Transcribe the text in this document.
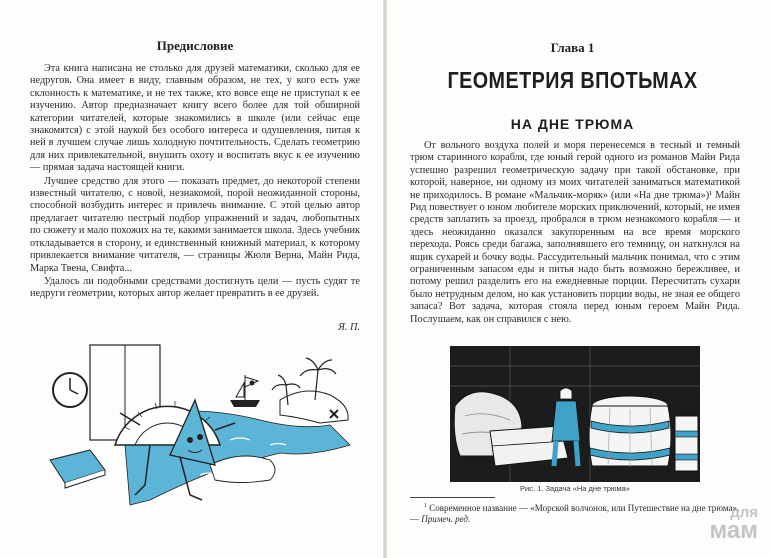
Предисловие

Эта книга написана не столько для друзей математики, сколько для ее недругов. Она имеет в виду, главным образом, не тех, у кого есть уже склонность к математике, и не тех также, кто вовсе еще не приступал к ее изучению. Автор предназначает книгу всего более для той обширной категории читателей, которые знакомились в школе (или сейчас еще знакомятся) с этой наукой без особого интереса и одушевления, питая к ней в лучшем случае лишь холодную почтительность. Сделать геометрию для них привлекательной, внушить охоту и воспитать вкус к ее изучению — прямая задача настоящей книги.

Лучшее средство для этого — показать предмет, до некоторой степени известный читателю, с новой, незнакомой, порой неожиданной стороны, способной возбудить интерес и привлечь внимание. С этой целью автор предлагает читателю пестрый подбор упражнений и задач, любопытных по сюжету и мало похожих на те, какими занимается школа. Здесь учебник откладывается в сторону, и единственный книжный материал, к которому привлекается внимание читателя, — страницы Жюля Верна, Майн Рида, Марка Твена, Свифта...

Удалось ли подобными средствами достигнуть цели — пусть судят те недруги геометрии, которых автор желает превратить в ее друзей.

Я. П.
Глава 1
ГЕОМЕТРИЯ ВПОТЬМАХ
НА ДНЕ ТРЮМА

От вольного воздуха полей и моря перенесемся в тесный и темный трюм старинного корабля, где юный герой одного из романов Майн Рида успешно разрешил геометрическую задачу при такой обстановке, при которой, наверное, ни одному из моих читателей заниматься математикой не приходилось. В романе «Мальчик-моряк» (или «На дне трюма»)¹ Майн Рид повествует о юном любителе морских приключений, который, не имея средств заплатить за проезд, пробрался в трюм незнакомого корабля — и здесь неожиданно оказался закупоренным на все время морского перехода. Роясь среди багажа, заполнявшего его темницу, он наткнулся на ящик сухарей и бочку воды. Рассудительный мальчик понимал, что с этим ограниченным запасом еды и питья надо быть возможно бережливее, и потому решил разделить его на ежедневные порции. Пересчитать сухари было нетрудным делом, но как установить порции воды, не зная ее общего запаса? Вот задача, которая стояла перед юным героем Майн Рида. Послушаем, как он справился с нею.

Рис. 1. Задача «На дне трюма»
$^1$ Современное название — «Морской волчонок, или Путешествие на дне трюма». — Примеч. ред.	для
мам
